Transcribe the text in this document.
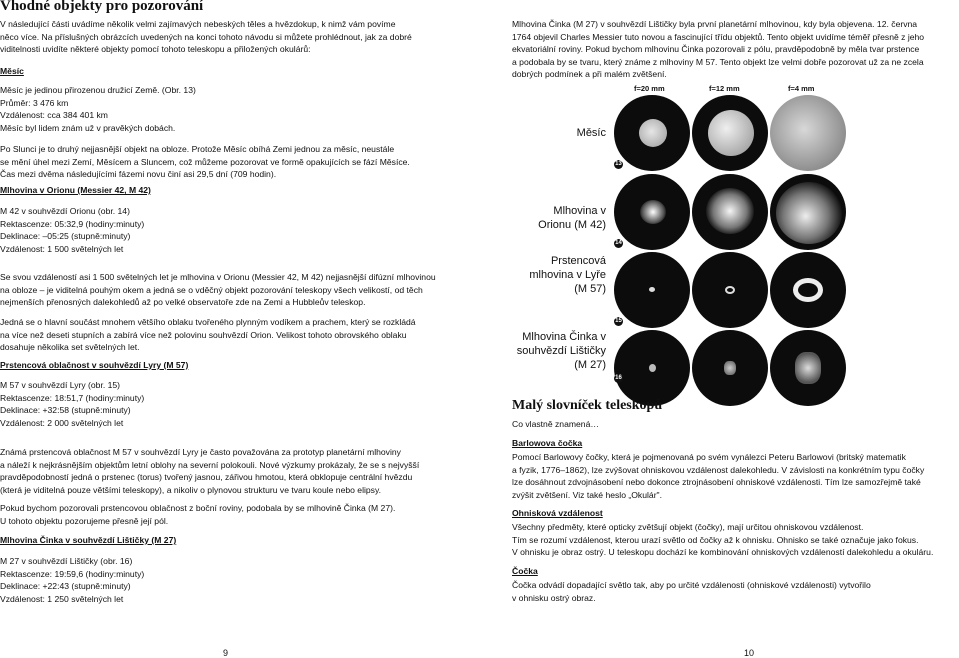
Vhodné objekty pro pozorování

V následující části uvádíme několik velmi zajímavých nebeských těles a hvězdokup, k nimž vám povíme
něco více. Na příslušných obrázcích uvedených na konci tohoto návodu si můžete prohlédnout, jak za dobré
viditelnosti uvidíte některé objekty pomocí tohoto teleskopu a přiložených okulárů:

Měsíc

Měsíc je jedinou přirozenou družicí Země. (Obr. 13)
Průměr: 3 476 km
Vzdálenost: cca 384 401 km
Měsíc byl lidem znám už v pravěkých dobách.

Po Slunci je to druhý nejjasnější objekt na obloze. Protože Měsíc obíhá Zemi jednou za měsíc, neustále
se mění úhel mezi Zemí, Měsícem a Sluncem, což můžeme pozorovat ve formě opakujících se fází Měsíce.
Čas mezi dvěma následujícími fázemi novu činí asi 29,5 dní (709 hodin).

Mlhovina v Orionu (Messier 42, M 42)

M 42 v souhvězdí Orionu (obr. 14)
Rektascenze: 05:32,9 (hodiny:minuty)
Deklinace: –05:25 (stupně:minuty)
Vzdálenost: 1 500 světelných let

Se svou vzdáleností asi 1 500 světelných let je mlhovina v Orionu (Messier 42, M 42) nejjasnější difúzní mlhovinou
na obloze – je viditelná pouhým okem a jedná se o vděčný objekt pozorování teleskopy všech velikostí, od těch
nejmenších přenosných dalekohledů až po velké observatoře zde na Zemi a Hubbleův teleskop.

Jedná se o hlavní součást mnohem většího oblaku tvořeného plynným vodíkem a prachem, který se rozkládá
na více než deseti stupních a zabírá více než polovinu souhvězdí Orion. Velikost tohoto obrovského oblaku
dosahuje několika set světelných let.

Prstencová oblačnost v souhvězdí Lyry (M 57)

M 57 v souhvězdí Lyry (obr. 15)
Rektascenze: 18:51,7 (hodiny:minuty)
Deklinace: +32:58 (stupně:minuty)
Vzdálenost: 2 000 světelných let

Známá prstencová oblačnost M 57 v souhvězdí Lyry je často považována za prototyp planetární mlhoviny
a náleží k nejkrásnějším objektům letní oblohy na severní polokouli. Nové výzkumy prokázaly, že se s nejvyšší
pravděpodobností jedná o prstenec (torus) tvořený jasnou, zářivou hmotou, která obklopuje centrální hvězdu
(která je viditelná pouze většími teleskopy), a nikoliv o plynovou strukturu ve tvaru koule nebo elipsy.

Pokud bychom pozorovali prstencovou oblačnost z boční roviny, podobala by se mlhovině Činka (M 27).
U tohoto objektu pozorujeme přesně její pól.

Mlhovina Činka v souhvězdí Lištičky (M 27)

M 27 v souhvězdí Lištičky (obr. 16)
Rektascenze: 19:59,6 (hodiny:minuty)
Deklinace: +22:43 (stupně:minuty)
Vzdálenost: 1 250 světelných let

9

Mlhovina Činka (M 27) v souhvězdí Lištičky byla první planetární mlhovinou, kdy byla objevena. 12. června
1764 objevil Charles Messier tuto novou a fascinující třídu objektů. Tento objekt uvidíme téměř přesně z jeho
ekvatoriální roviny. Pokud bychom mlhovinu Činka pozorovali z pólu, pravděpodobně by měla tvar prstence
a podobala by se tvaru, který známe z mlhoviny M 57. Tento objekt lze velmi dobře pozorovat už za ne zcela
dobrých podmínek a při malém zvětšení.

f=20 mm	f=12 mm	f=4 mm
Měsíc
13
Mlhovina v Orionu (M 42)
14
Prstencová mlhovina v Lyře (M 57)
15
Mlhovina Činka v souhvězdí Lištičky (M 27)
16
Malý slovníček teleskopů

Co vlastně znamená…

Barlowova čočka

Pomocí Barlowovy čočky, která je pojmenovaná po svém vynálezci Peteru Barlowovi (britský matematik
a fyzik, 1776–1862), lze zvýšovat ohniskovou vzdálenost dalekohledu. V závislosti na konkrétním typu čočky
lze dosáhnout zdvojnásobení nebo dokonce ztrojnásobení ohniskové vzdálenosti. Tím lze samozřejmě také
zvýšit zvětšení. Viz také heslo „Okulár".

Ohnisková vzdálenost

Všechny předměty, které opticky zvětšují objekt (čočky), mají určitou ohniskovou vzdálenost.
Tím se rozumí vzdálenost, kterou urazí světlo od čočky až k ohnisku. Ohnisko se také označuje jako fokus.
V ohnisku je obraz ostrý. U teleskopu dochází ke kombinování ohniskových vzdáleností dalekohledu a okuláru.

Čočka

Čočka odvádí dopadající světlo tak, aby po určité vzdálenosti (ohniskové vzdálenosti) vytvořilo
v ohnisku ostrý obraz.

10
